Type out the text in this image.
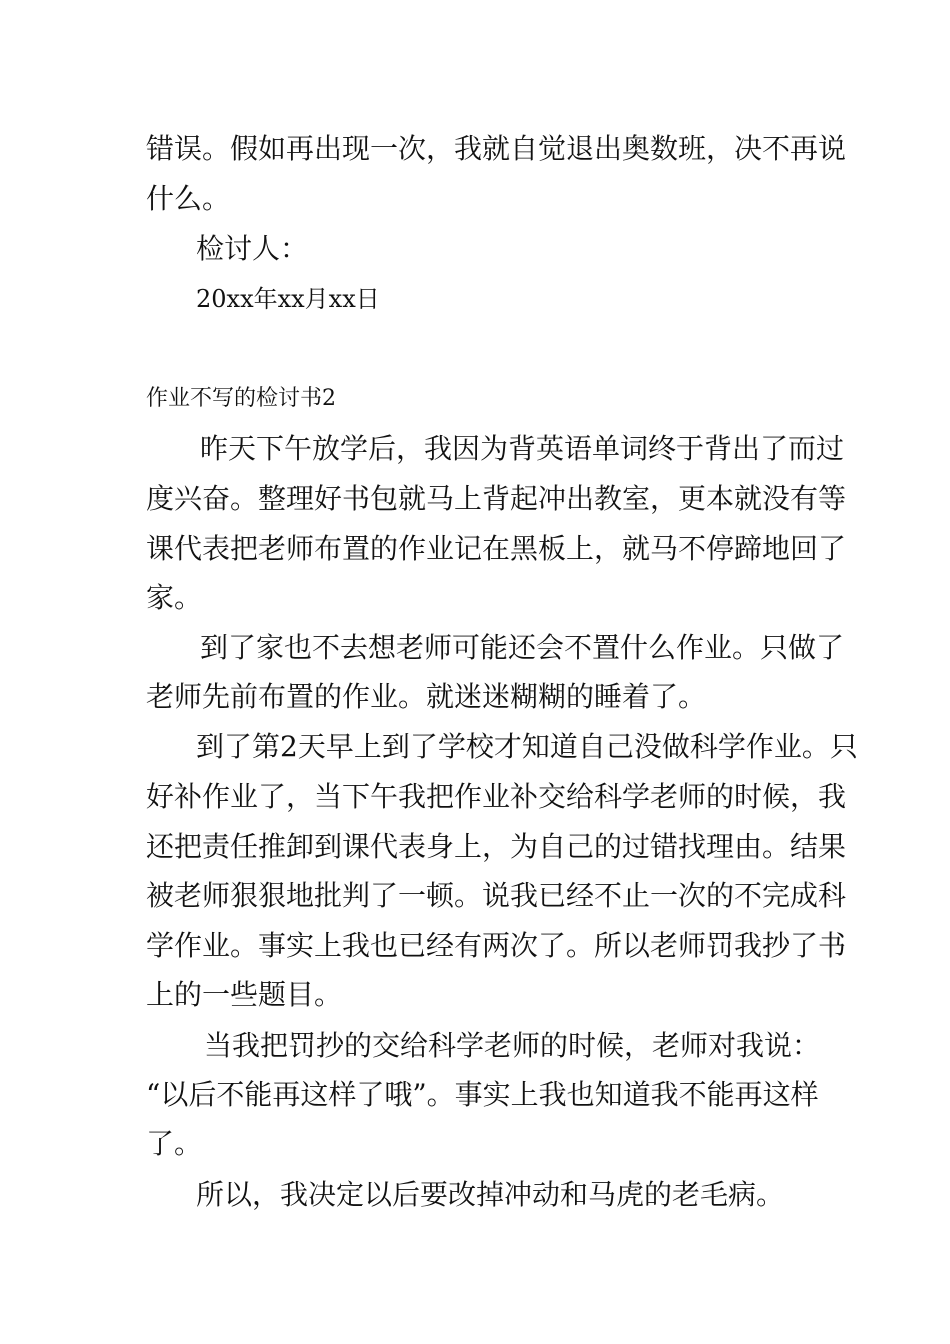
错误。假如再出现一次，我就自觉退出奥数班，决不再说
什么。
检讨人：
20xx年xx月xx日
作业不写的检讨书2
昨天下午放学后，我因为背英语单词终于背出了而过
度兴奋。整理好书包就马上背起冲出教室，更本就没有等
课代表把老师布置的作业记在黑板上，就马不停蹄地回了
家。
到了家也不去想老师可能还会不置什么作业。只做了
老师先前布置的作业。就迷迷糊糊的睡着了。
到了第2天早上到了学校才知道自己没做科学作业。只
好补作业了，当下午我把作业补交给科学老师的时候，我
还把责任推卸到课代表身上，为自己的过错找理由。结果
被老师狠狠地批判了一顿。说我已经不止一次的不完成科
学作业。事实上我也已经有两次了。所以老师罚我抄了书
上的一些题目。
当我把罚抄的交给科学老师的时候，老师对我说：
“以后不能再这样了哦”。事实上我也知道我不能再这样
了。
所以，我决定以后要改掉冲动和马虎的老毛病。
